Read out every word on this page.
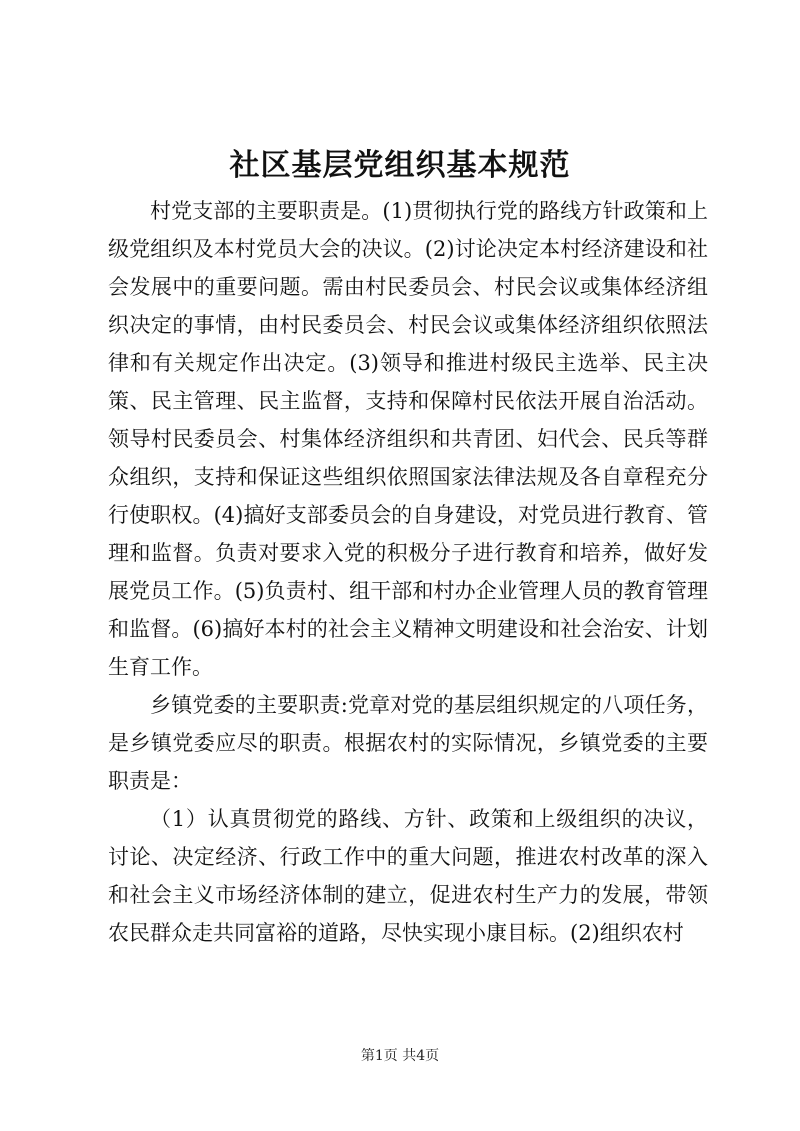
社区基层党组织基本规范

村党支部的主要职责是。(1)贯彻执行党的路线方针政策和上级党组织及本村党员大会的决议。(2)讨论决定本村经济建设和社会发展中的重要问题。需由村民委员会、村民会议或集体经济组织决定的事情，由村民委员会、村民会议或集体经济组织依照法律和有关规定作出决定。(3)领导和推进村级民主选举、民主决策、民主管理、民主监督，支持和保障村民依法开展自治活动。领导村民委员会、村集体经济组织和共青团、妇代会、民兵等群众组织，支持和保证这些组织依照国家法律法规及各自章程充分行使职权。(4)搞好支部委员会的自身建设，对党员进行教育、管理和监督。负责对要求入党的积极分子进行教育和培养，做好发展党员工作。(5)负责村、组干部和村办企业管理人员的教育管理和监督。(6)搞好本村的社会主义精神文明建设和社会治安、计划生育工作。

乡镇党委的主要职责:党章对党的基层组织规定的八项任务，是乡镇党委应尽的职责。根据农村的实际情况，乡镇党委的主要职责是：

（1）认真贯彻党的路线、方针、政策和上级组织的决议，讨论、决定经济、行政工作中的重大问题，推进农村改革的深入和社会主义市场经济体制的建立，促进农村生产力的发展，带领农民群众走共同富裕的道路，尽快实现小康目标。(2)组织农村

第1页 共4页
